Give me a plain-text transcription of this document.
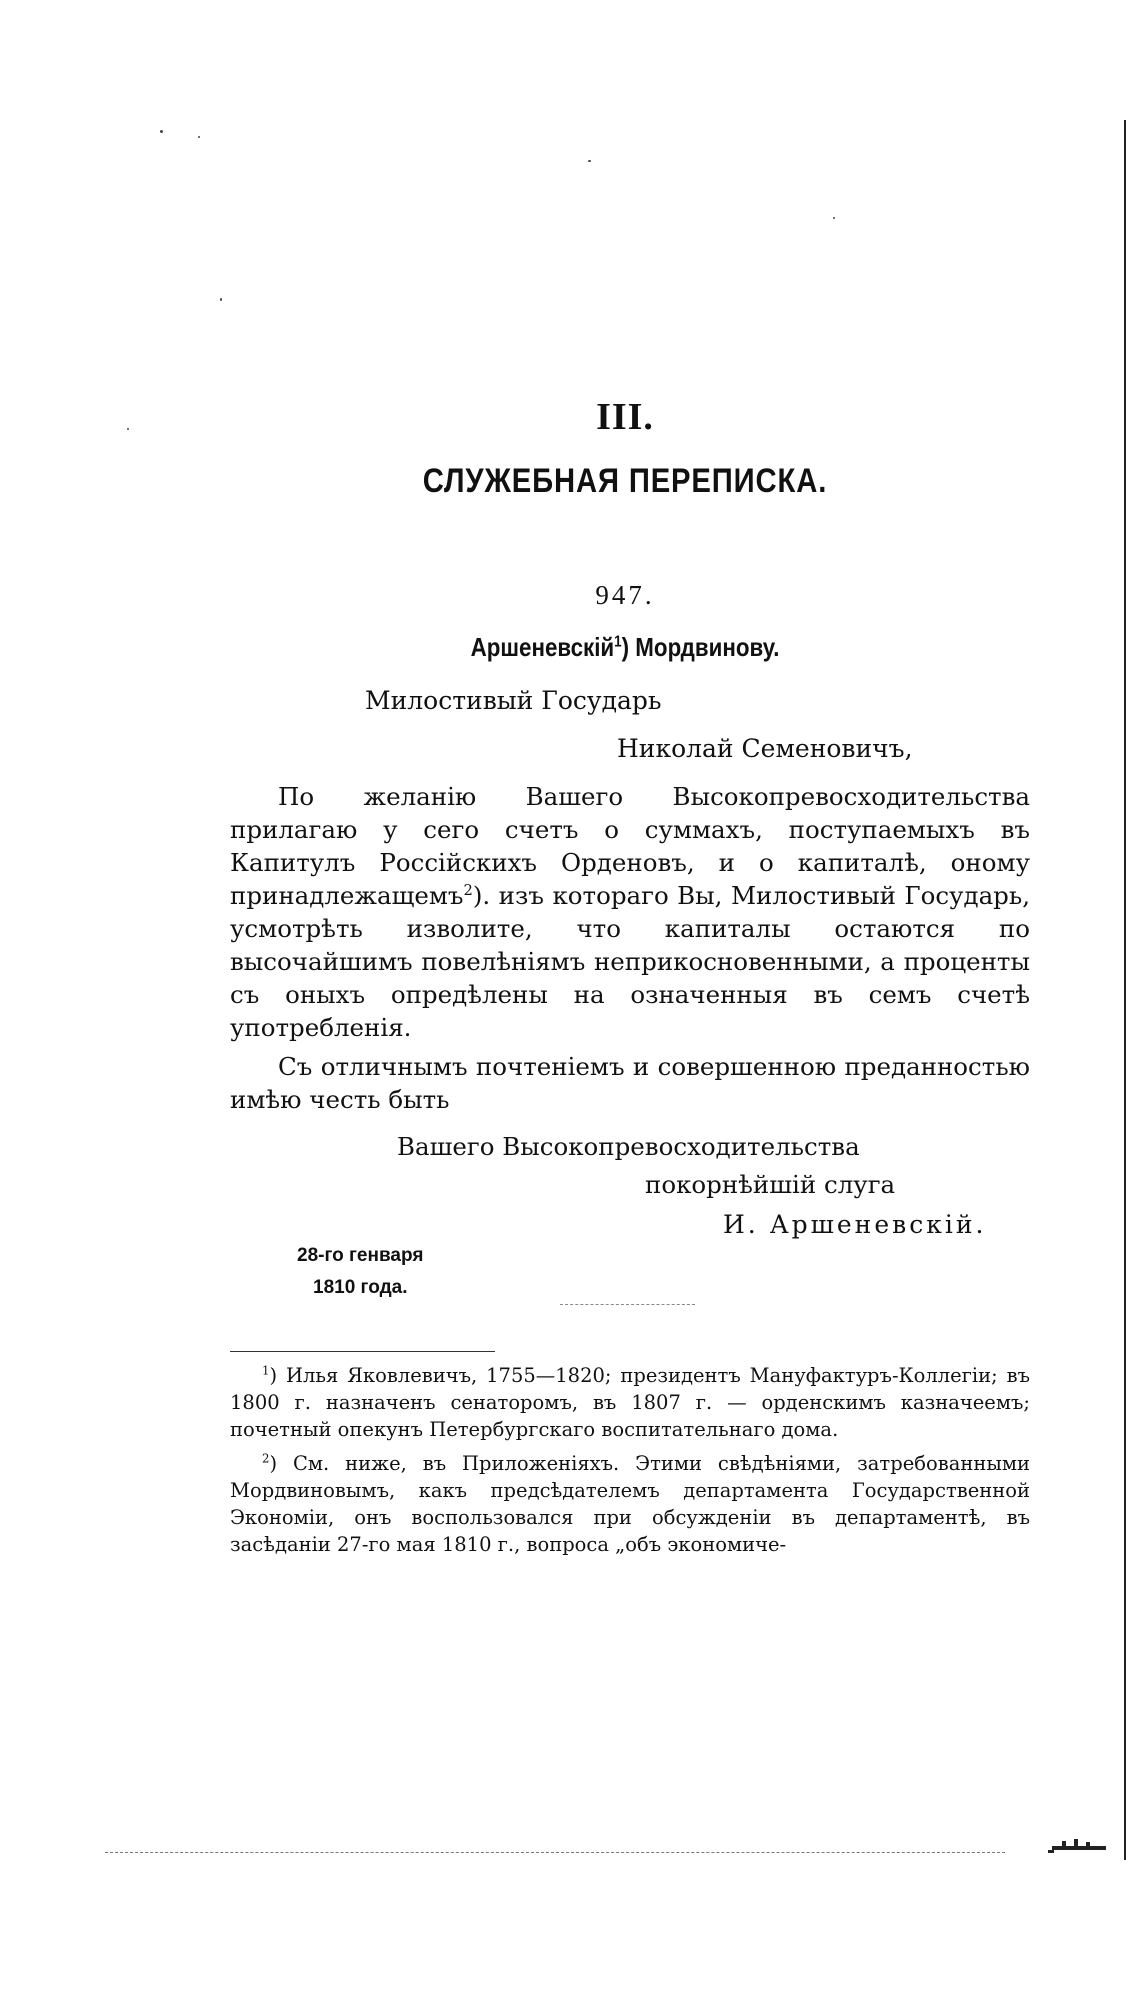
III.
СЛУЖЕБНАЯ ПЕРЕПИСКА.
947.
Аршеневскій$^1$) Мордвинову.
Милостивый Государь
Николай Семеновичъ,

По желанію Вашего Высокопревосходительства прилагаю у сего счетъ о суммахъ, поступаемыхъ въ Капитулъ Россійскихъ Орденовъ, и о капиталѣ, оному принадлежащемъ$^2$). изъ котораго Вы, Милостивый Государь, усмотрѣть изволите, что капиталы остаются по высочайшимъ повелѣніямъ неприкосновенными, а проценты съ оныхъ опредѣлены на означенныя въ семъ счетѣ употребленія.

Съ отличнымъ почтеніемъ и совершенною преданностью имѣю честь быть

Вашего Высокопревосходительства
покорнѣйшій слуга
И. Аршеневскій.
28-го генваря
1810 года.

$^1$) Илья Яковлевичъ, 1755—1820; президентъ Мануфактуръ-Коллегіи; въ 1800 г. назначенъ сенаторомъ, въ 1807 г. — орденскимъ казначеемъ; почетный опекунъ Петербургскаго воспитательнаго дома.

$^2$) См. ниже, въ Приложеніяхъ. Этими свѣдѣніями, затребованными Мордвиновымъ, какъ предсѣдателемъ департамента Государственной Экономіи, онъ воспользовался при обсужденіи въ департаментѣ, въ засѣданіи 27-го мая 1810 г., вопроса „объ экономиче-
